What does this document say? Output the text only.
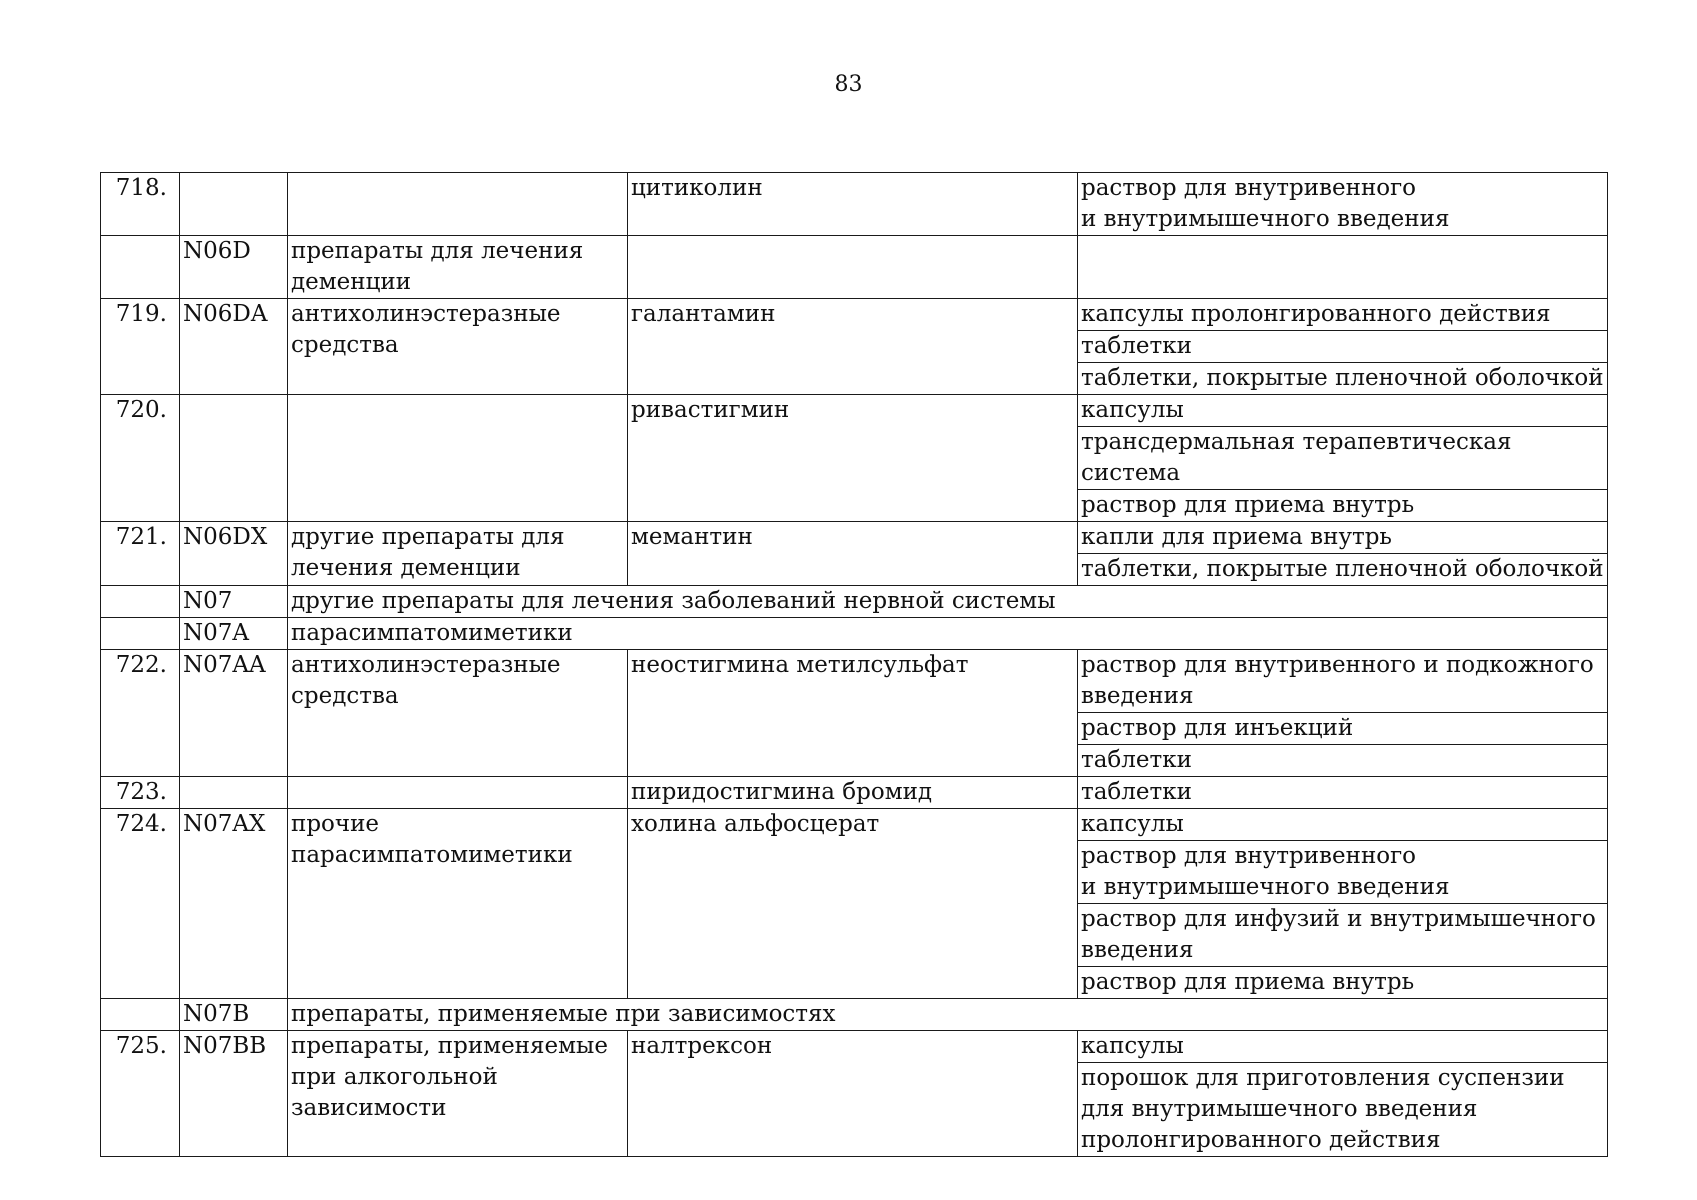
83
718.			цитиколин	раствор для внутривенного
и внутримышечного введения
	N06D	препараты для лечения деменции		
719.	N06DA	антихолинэстеразные средства	галантамин	капсулы пролонгированного действия
				таблетки
				таблетки, покрытые пленочной оболочкой
720.			ривастигмин	капсулы
				трансдермальная терапевтическая система
				раствор для приема внутрь
721.	N06DX	другие препараты для лечения деменции	мемантин	капли для приема внутрь
				таблетки, покрытые пленочной оболочкой
	N07	другие препараты для лечения заболеваний нервной системы		
	N07A	парасимпатомиметики		
722.	N07AA	антихолинэстеразные средства	неостигмина метилсульфат	раствор для внутривенного и подкожного введения
				раствор для инъекций
				таблетки
723.			пиридостигмина бромид	таблетки
724.	N07AX	прочие парасимпатомиметики	холина альфосцерат	капсулы
				раствор для внутривенного
и внутримышечного введения
				раствор для инфузий и внутримышечного введения
				раствор для приема внутрь
	N07B	препараты, применяемые при зависимостях		
725.	N07BB	препараты, применяемые при алкогольной зависимости	налтрексон	капсулы
				порошок для приготовления суспензии для внутримышечного введения пролонгированного действия
